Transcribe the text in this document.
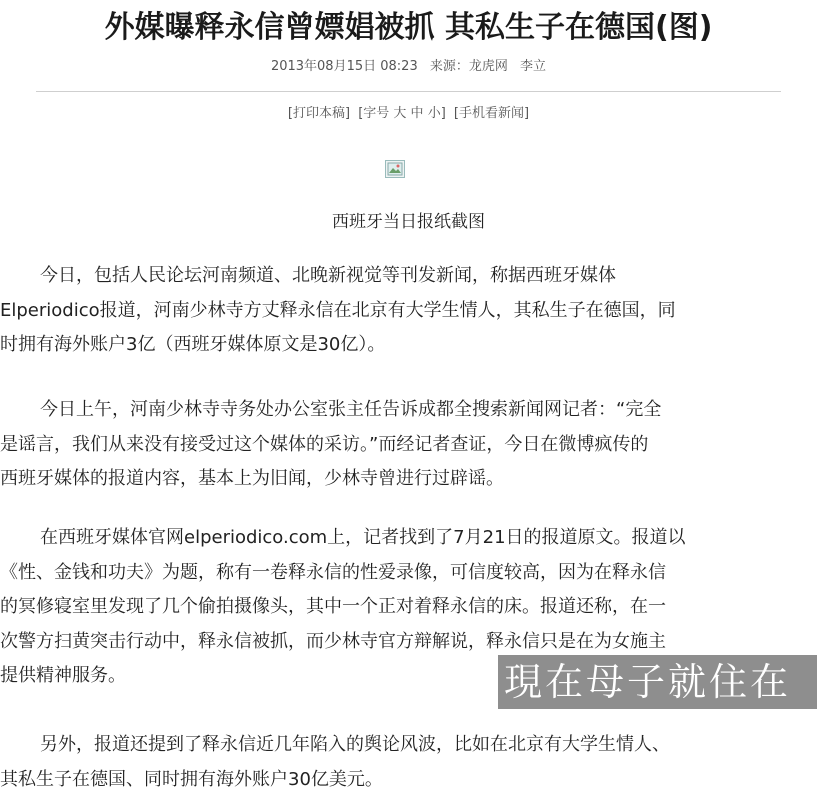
外媒曝释永信曾嫖娼被抓 其私生子在德国(图)
2013年08月15日 08:23 来源：龙虎网 李立
[打印本稿] [字号 大 中 小] [手机看新闻]
西班牙当日报纸截图
今日，包括人民论坛河南频道、北晚新视觉等刊发新闻，称据西班牙媒体
Elperiodico报道，河南少林寺方丈释永信在北京有大学生情人，其私生子在德国，同
时拥有海外账户3亿（西班牙媒体原文是30亿）。
今日上午，河南少林寺寺务处办公室张主任告诉成都全搜索新闻网记者：“完全
是谣言，我们从来没有接受过这个媒体的采访。”而经记者查证，今日在微博疯传的
西班牙媒体的报道内容，基本上为旧闻，少林寺曾进行过辟谣。
在西班牙媒体官网elperiodico.com上，记者找到了7月21日的报道原文。报道以
《性、金钱和功夫》为题，称有一卷释永信的性爱录像，可信度较高，因为在释永信
的冥修寝室里发现了几个偷拍摄像头，其中一个正对着释永信的床。报道还称，在一
次警方扫黄突击行动中，释永信被抓，而少林寺官方辩解说，释永信只是在为女施主
提供精神服务。
另外，报道还提到了释永信近几年陷入的舆论风波，比如在北京有大学生情人、
其私生子在德国、同时拥有海外账户30亿美元。
現在母子就住在
